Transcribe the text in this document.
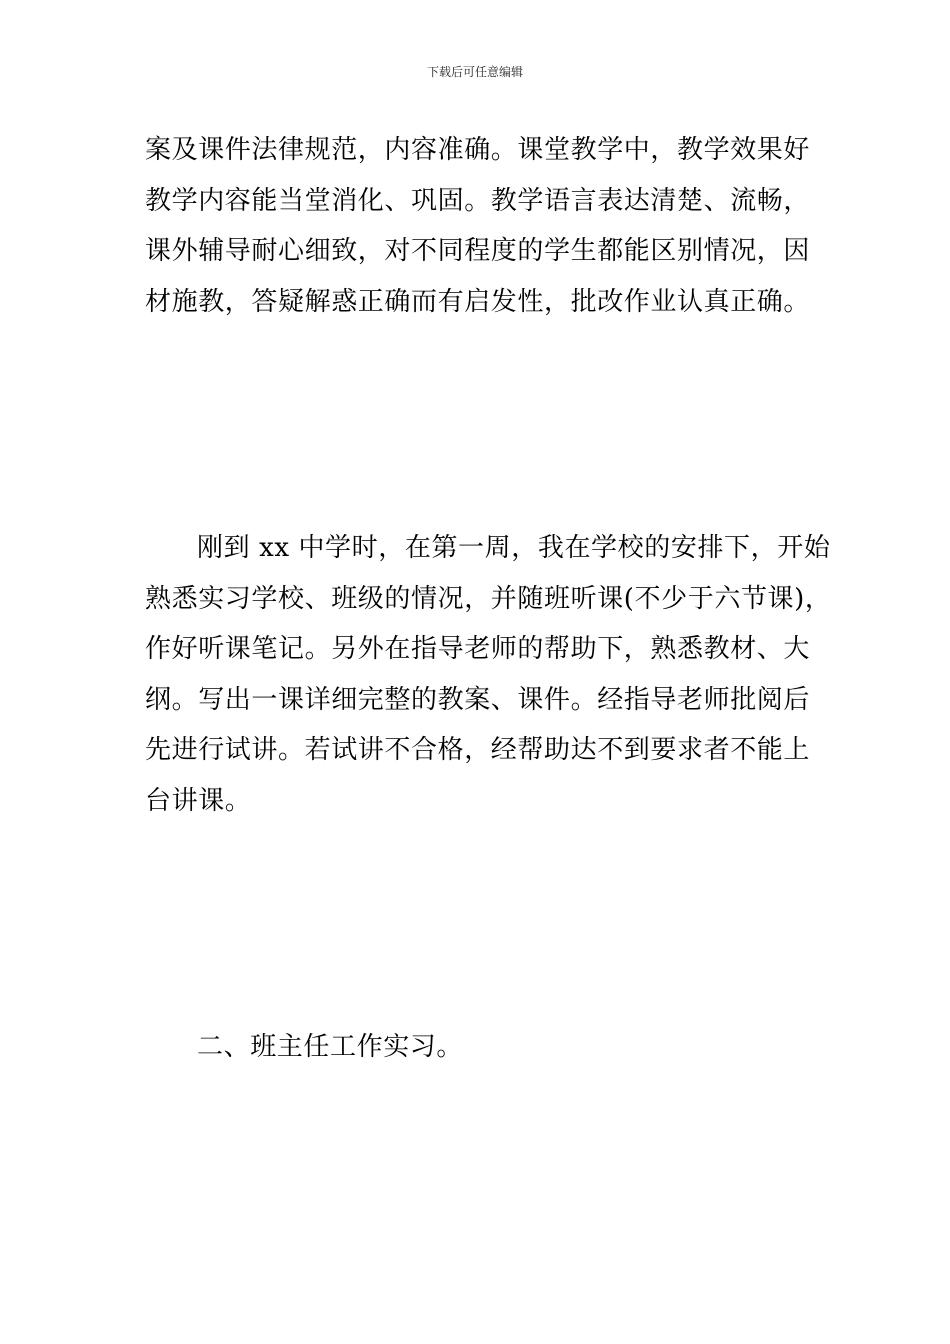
下载后可任意编辑

案及课件法律规范，内容准确。课堂教学中，教学效果好
教学内容能当堂消化、巩固。教学语言表达清楚、流畅，
课外辅导耐心细致，对不同程度的学生都能区别情况，因
材施教，答疑解惑正确而有启发性，批改作业认真正确。

刚到 xx 中学时，在第一周，我在学校的安排下，开始
熟悉实习学校、班级的情况，并随班听课(不少于六节课)，
作好听课笔记。另外在指导老师的帮助下，熟悉教材、大
纲。写出一课详细完整的教案、课件。经指导老师批阅后
先进行试讲。若试讲不合格，经帮助达不到要求者不能上
台讲课。

二、班主任工作实习。
